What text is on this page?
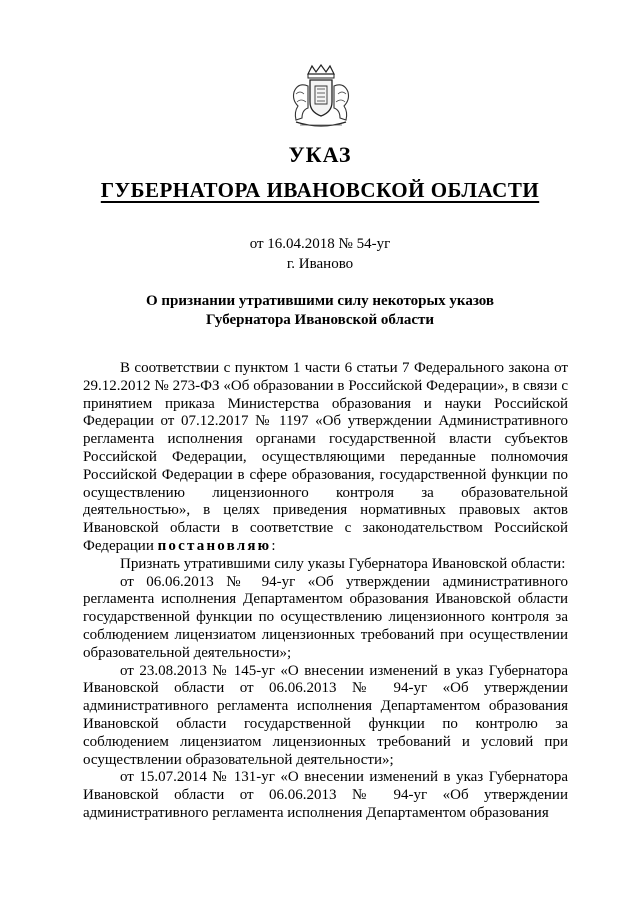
УКАЗ
ГУБЕРНАТОРА ИВАНОВСКОЙ ОБЛАСТИ
от 16.04.2018 № 54-уг
г. Иваново
О признании утратившими силу некоторых указов
Губернатора Ивановской области

В соответствии с пунктом 1 части 6 статьи 7 Федерального закона от 29.12.2012 № 273-ФЗ «Об образовании в Российской Федерации», в связи с принятием приказа Министерства образования и науки Российской Федерации от 07.12.2017 № 1197 «Об утверждении Административного регламента исполнения органами государственной власти субъектов Российской Федерации, осуществляющими переданные полномочия Российской Федерации в сфере образования, государственной функции по осуществлению лицензионного контроля за образовательной деятельностью», в целях приведения нормативных правовых актов Ивановской области в соответствие с законодательством Российской Федерации постановляю:

Признать утратившими силу указы Губернатора Ивановской области:

от 06.06.2013 № 94-уг «Об утверждении административного регламента исполнения Департаментом образования Ивановской области государственной функции по осуществлению лицензионного контроля за соблюдением лицензиатом лицензионных требований при осуществлении образовательной деятельности»;

от 23.08.2013 № 145-уг «О внесении изменений в указ Губернатора Ивановской области от 06.06.2013 № 94-уг «Об утверждении административного регламента исполнения Департаментом образования Ивановской области государственной функции по контролю за соблюдением лицензиатом лицензионных требований и условий при осуществлении образовательной деятельности»;

от 15.07.2014 № 131-уг «О внесении изменений в указ Губернатора Ивановской области от 06.06.2013 № 94-уг «Об утверждении административного регламента исполнения Департаментом образования
